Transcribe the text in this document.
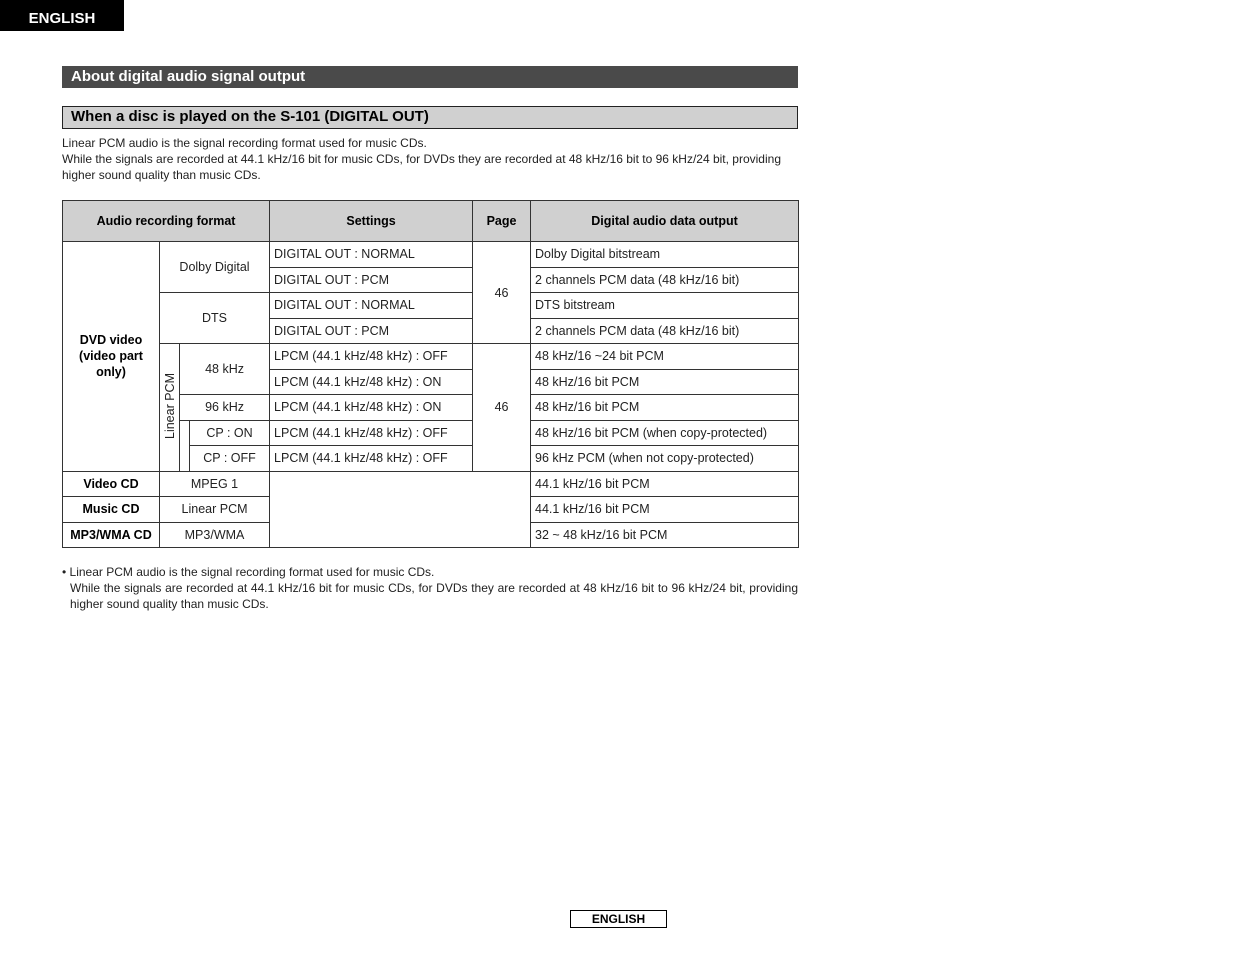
ENGLISH
About digital audio signal output
When a disc is played on the S-101 (DIGITAL OUT)

Linear PCM audio is the signal recording format used for music CDs.

While the signals are recorded at 44.1 kHz/16 bit for music CDs, for DVDs they are recorded at 48 kHz/16 bit to 96 kHz/24 bit, providing higher sound quality than music CDs.

Audio recording format				Settings	Page	Digital audio data output
DVD video
(video part
only)	Dolby Digital			DIGITAL OUT : NORMAL	46	Dolby Digital bitstream
				DIGITAL OUT : PCM		2 channels PCM data (48 kHz/16 bit)
	DTS			DIGITAL OUT : NORMAL		DTS bitstream
				DIGITAL OUT : PCM		2 channels PCM data (48 kHz/16 bit)
	Linear PCM	48 kHz		LPCM (44.1 kHz/48 kHz) : OFF	46	48 kHz/16 ~24 bit PCM
				LPCM (44.1 kHz/48 kHz) : ON		48 kHz/16 bit PCM
		96 kHz		LPCM (44.1 kHz/48 kHz) : ON		48 kHz/16 bit PCM
			CP : ON	LPCM (44.1 kHz/48 kHz) : OFF		48 kHz/16 bit PCM (when copy-protected)
			CP : OFF	LPCM (44.1 kHz/48 kHz) : OFF		96 kHz PCM (when not copy-protected)
Video CD	MPEG 1					44.1 kHz/16 bit PCM
Music CD	Linear PCM					44.1 kHz/16 bit PCM
MP3/WMA CD	MP3/WMA					32 ~ 48 kHz/16 bit PCM

• Linear PCM audio is the signal recording format used for music CDs.

While the signals are recorded at 44.1 kHz/16 bit for music CDs, for DVDs they are recorded at 48 kHz/16 bit to 96 kHz/24 bit, providing higher sound quality than music CDs.

ENGLISH
